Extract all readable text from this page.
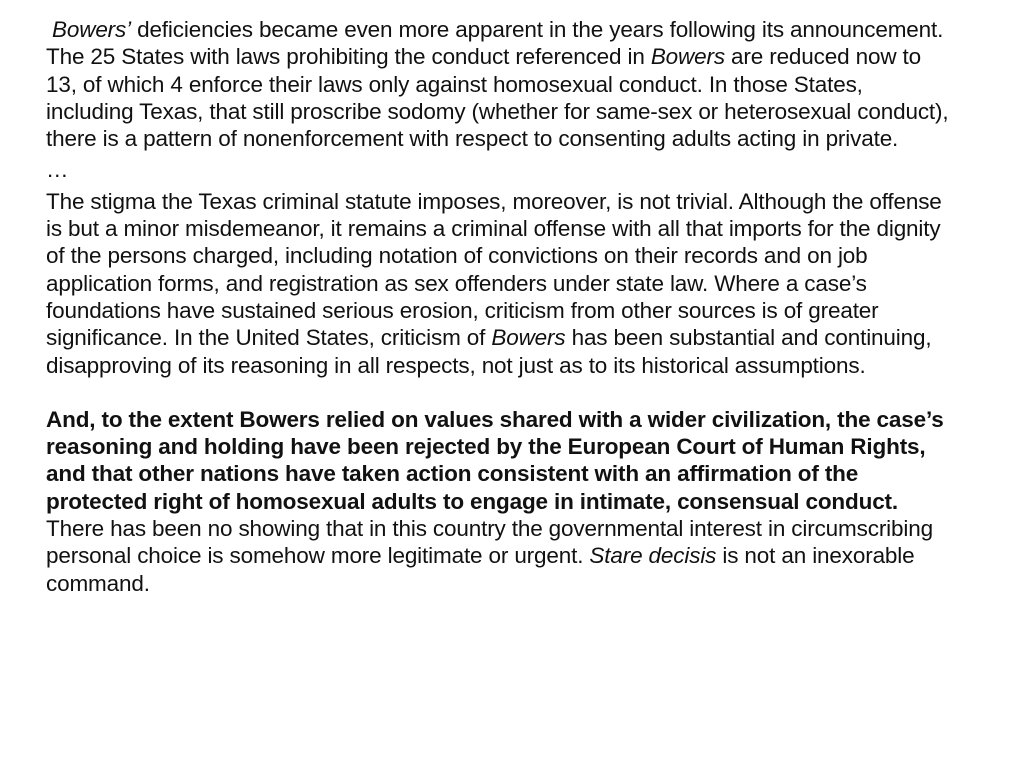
Bowers’ deficiencies became even more apparent in the years following its announcement. The 25 States with laws prohibiting the conduct referenced in Bowers are reduced now to 13, of which 4 enforce their laws only against homosexual conduct. In those States, including Texas, that still proscribe sodomy (whether for same-sex or heterosexual conduct), there is a pattern of nonenforcement with respect to consenting adults acting in private.

…

The stigma the Texas criminal statute imposes, moreover, is not trivial. Although the offense is but a minor misdemeanor, it remains a criminal offense with all that imports for the dignity of the persons charged, including notation of convictions on their records and on job application forms, and registration as sex offenders under state law. Where a case’s foundations have sustained serious erosion, criticism from other sources is of greater significance. In the United States, criticism of Bowers has been substantial and continuing, disapproving of its reasoning in all respects, not just as to its historical assumptions.

And, to the extent Bowers relied on values shared with a wider civilization, the case’s reasoning and holding have been rejected by the European Court of Human Rights, and that other nations have taken action consistent with an affirmation of the protected right of homosexual adults to engage in intimate, consensual conduct. There has been no showing that in this country the governmental interest in circumscribing personal choice is somehow more legitimate or urgent. Stare decisis is not an inexorable command.
